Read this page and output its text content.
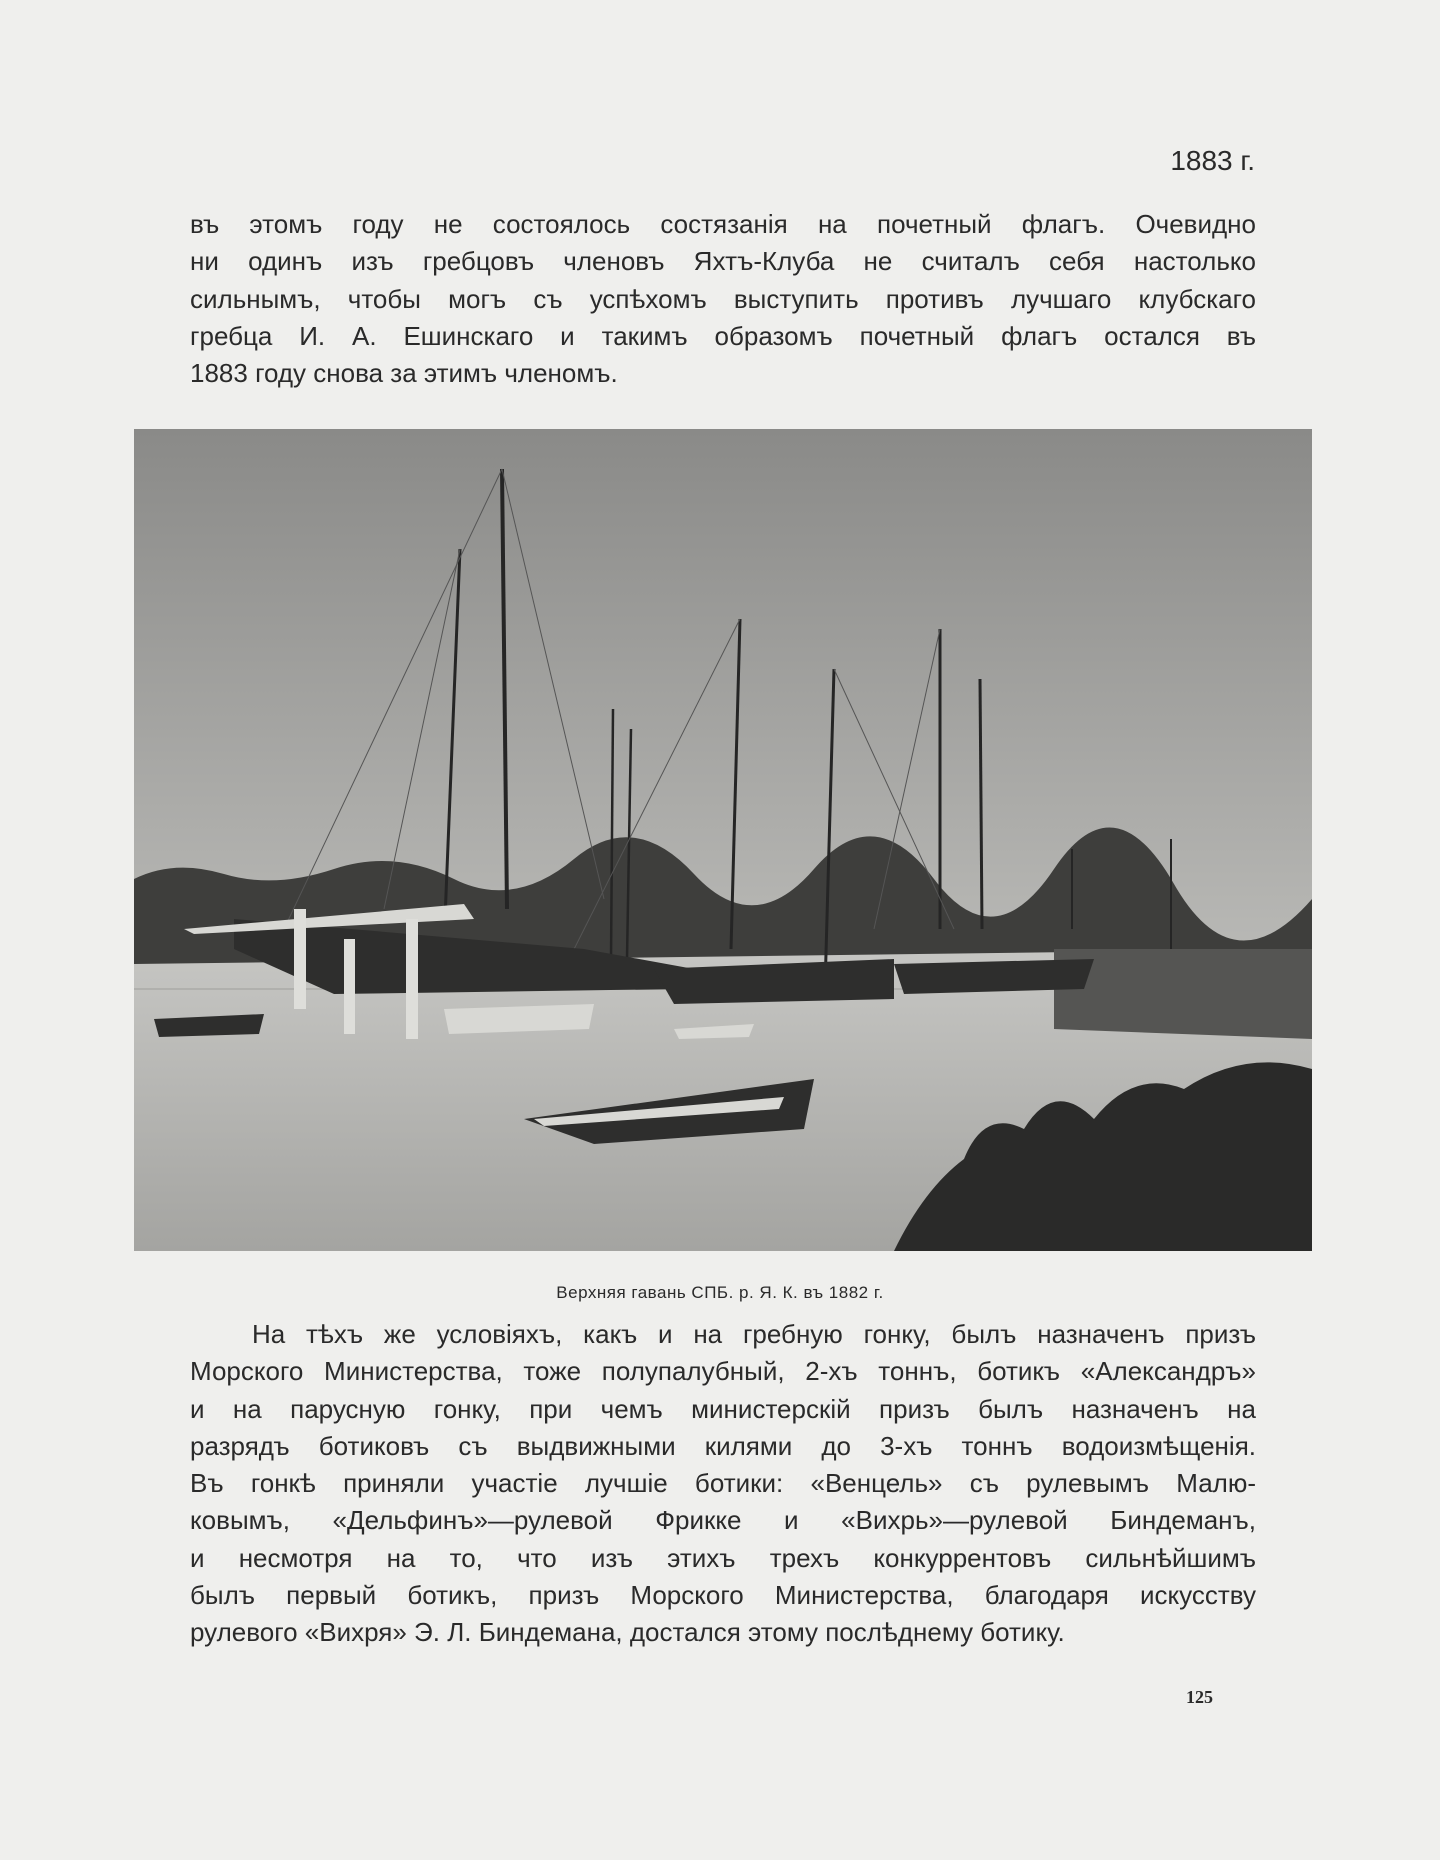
1883 г.
въ этомъ году не состоялось состязанія на почетный флагъ. Очевидно
ни одинъ изъ гребцовъ членовъ Яхтъ-Клуба не считалъ себя настолько
сильнымъ, чтобы могъ съ успѣхомъ выступить противъ лучшаго клубскаго
гребца И. А. Ешинскаго и такимъ образомъ почетный флагъ остался въ
1883 году снова за этимъ членомъ.
Верхняя гавань СПБ. р. Я. К. въ 1882 г.
На тѣхъ же условіяхъ, какъ и на гребную гонку, былъ назначенъ призъ
Морского Министерства, тоже полупалубный, 2-хъ тоннъ, ботикъ «Александръ»
и на парусную гонку, при чемъ министерскій призъ былъ назначенъ на
разрядъ ботиковъ съ выдвижными килями до 3-хъ тоннъ водоизмѣщенія.
Въ гонкѣ приняли участіе лучшіе ботики: «Венцель» съ рулевымъ Малю-
ковымъ, «Дельфинъ»—рулевой Фрикке и «Вихрь»—рулевой Биндеманъ,
и несмотря на то, что изъ этихъ трехъ конкуррентовъ сильнѣйшимъ
былъ первый ботикъ, призъ Морского Министерства, благодаря искусству
рулевого «Вихря» Э. Л. Биндемана, достался этому послѣднему ботику.
125
